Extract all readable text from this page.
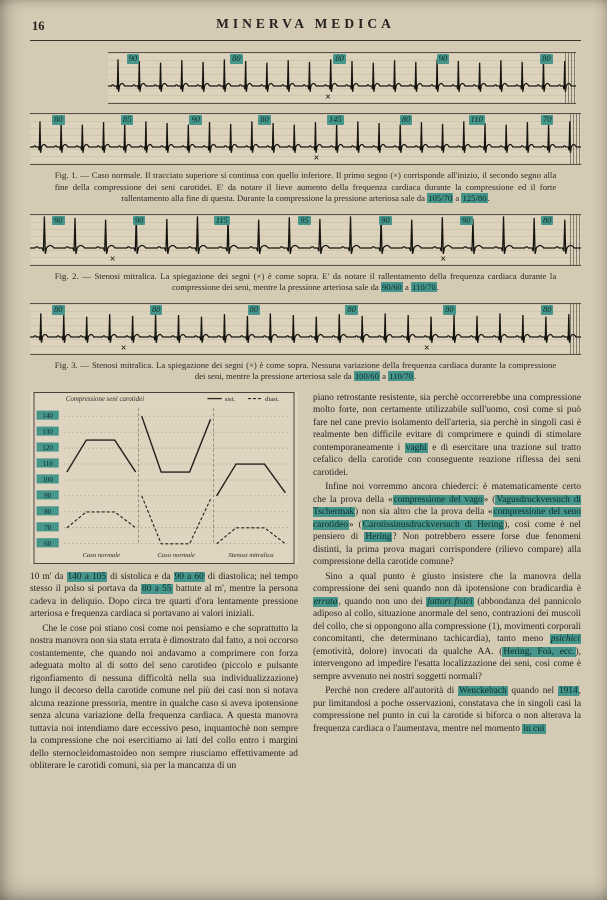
16	MINERVA MEDICA
90	80	80	90	80
×
80	85	90	80	145	80	110	70
×

Fig. 1. — Caso normale. Il tracciato superiore si continua con quello inferiore. Il primo segno (×) corrisponde all'inizio, il secondo segno alla fine della compressione dei seni carotidei. E' da notare il lieve aumento della frequenza cardiaca durante la compressione ed il forte rallentamento alla fine di questa. Durante la compressione la pressione arteriosa sale da 105/70 a 125/80.

90	90	115	95	90	90	80
×	×

Fig. 2. — Stenosi mitralica. La spiegazione dei segni (×) è come sopra. E' da notare il rallentamento della frequenza cardiaca durante la compressione dei seni, mentre la pressione arteriosa sale da 90/60 a 110/70.

80	80	80	80	80	80
×	×

Fig. 3. — Stenosi mitralica. La spiegazione dei segni (×) è come sopra. Nessuna variazione della frequenza cardiaca durante la compressione dei seni, mentre la pressione arteriosa sale da 100/60 a 110/70.

140
130
120
110
100
90
80
70
60
Compressione seni carotidei	sist.	diast.
Caso normale	Caso normale	Stenosi mitralica

10 m' da 140 a 105 di sistolica e da 90 a 60 di diastolica; nel tempo stesso il polso si portava da 80 a 55 battute al m', mentre la persona cadeva in deliquio. Dopo circa tre quarti d'ora lentamente pressione arteriosa e frequenza cardiaca si portavano ai valori iniziali.

Che le cose poi stiano così come noi pensiamo e che soprattutto la nostra manovra non sia stata errata è dimostrato dal fatto, a noi occorso costantemente, che quando noi andavamo a comprimere con forza adeguata molto al di sotto del seno carotideo (piccolo e pulsante rigonfiamento di nessuna difficoltà nella sua individualizzazione) lungo il decorso della carotide comune nel più dei casi non si notava alcuna reazione pressoria, mentre in qualche caso si aveva ipotensione senza alcuna variazione della frequenza cardiaca. A questa manovra tuttavia noi intendiamo dare eccessivo peso, inquantochè non sempre la compressione che noi esercitiamo ai lati del collo entro i margini dello sternocleidomastoideo non sempre riusciamo effettivamente ad obliterare le carotidi comuni, sia per la mancanza di un

piano retrostante resistente, sia perchè occorrerebbe una compressione molto forte, non certamente utilizzabile sull'uomo, così come si può fare nel cane previo isolamento dell'arteria, sia perchè in singoli casi è realmente ben difficile evitare di comprimere e quindi di stimolare contemporaneamente i vaghi e di esercitare una trazione sul tratto cefalico della carotide con conseguente reazione riflessa dei seni carotidei.

Infine noi vorremmo ancora chiederci: è matematicamente certo che la prova della «compressione del vago» (Vagusdruckversuch di Tschermak) non sia altro che la prova della «compressione del seno carotideo» (Carotissinusdruckversuch di Hering), così come è nel pensiero di Hering? Non potrebbero essere forse due fenomeni distinti, la prima prova magari corrispondere (rilievo compare) alla compressione della carotide comune?

Sino a qual punto è giusto insistere che la manovra della compressione dei seni quando non dà ipotensione con bradicardia è errata, quando non uno dei fattori fisici (abbondanza del pannicolo adiposo al collo, situazione anormale del seno, contrazioni dei muscoli del collo, che si oppongono alla compressione (1), movimenti corporali concomitanti, che determinano tachicardia), tanto meno psichici (emotività, dolore) invocati da qualche AA. (Hering, Foà, ecc.), intervengono ad impedire l'esatta localizzazione dei seni, così come è sempre avvenuto nei nostri soggetti normali?

Perchè non credere all'autorità di Wenckebach quando nel 1914, pur limitandosi a poche osservazioni, constatava che in singoli casi la compressione nel punto in cui la carotide si biforca o non alterava la frequenza cardiaca o l'aumentava, mentre nel momento in cui
